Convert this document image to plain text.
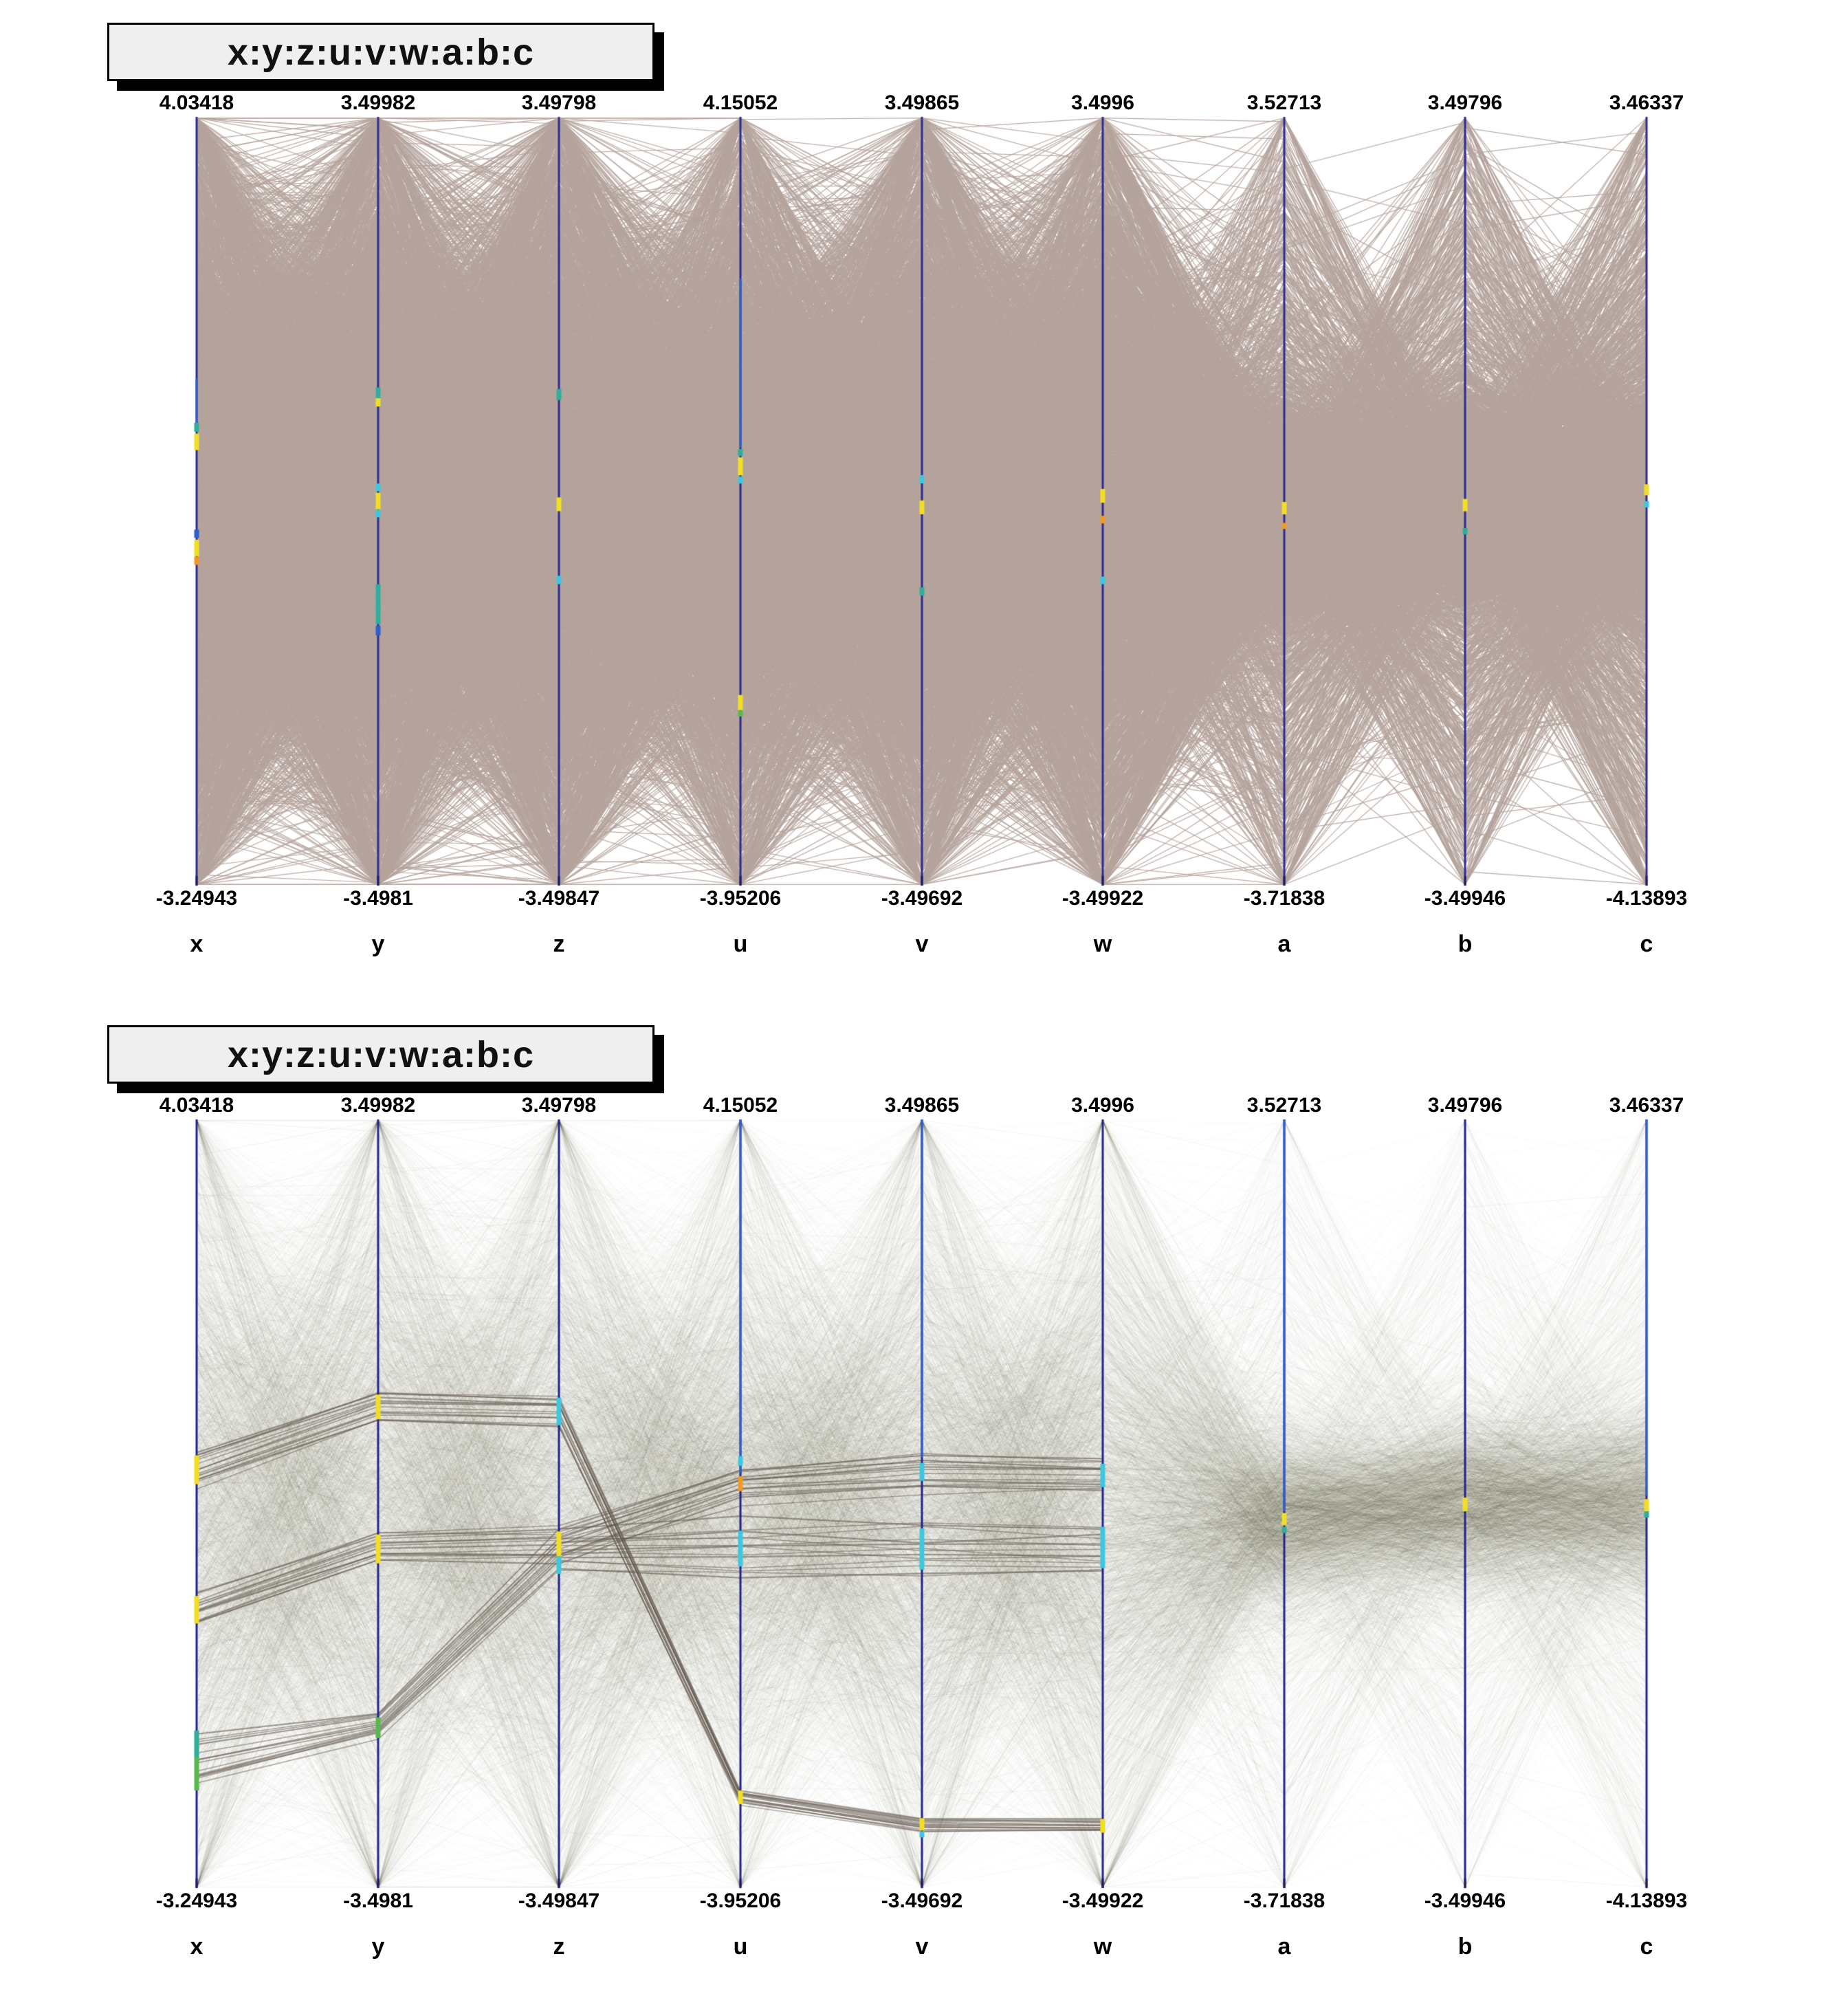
x:y:z:u:v:w:a:b:c
x:y:z:u:v:w:a:b:c
4.03418	3.49982	3.49798	4.15052	3.49865	3.4996	3.52713	3.49796	3.46337
-3.24943	-3.4981	-3.49847	-3.95206	-3.49692	-3.49922	-3.71838	-3.49946	-4.13893
x	y	z	u	v	w	a	b	c
4.03418	3.49982	3.49798	4.15052	3.49865	3.4996	3.52713	3.49796	3.46337
-3.24943	-3.4981	-3.49847	-3.95206	-3.49692	-3.49922	-3.71838	-3.49946	-4.13893
x	y	z	u	v	w	a	b	c
